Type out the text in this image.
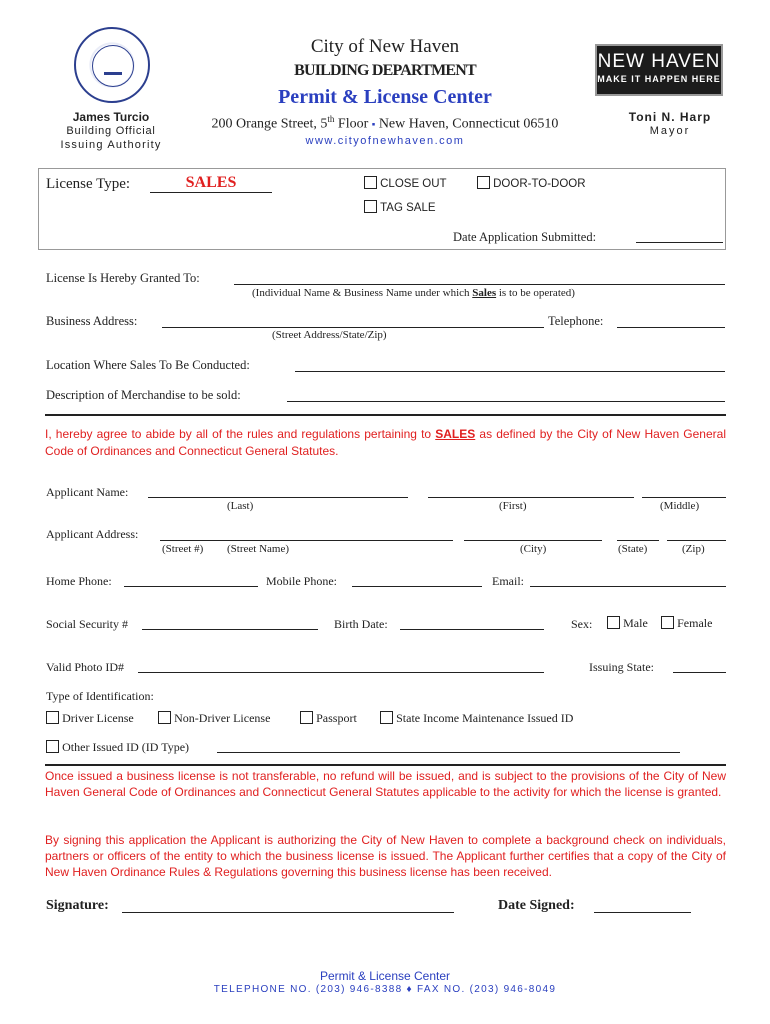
City of New Haven
BUILDING DEPARTMENT
Permit & License Center
200 Orange Street, 5th Floor ▪ New Haven, Connecticut 06510
www.cityofnewhaven.com
James Turcio
Building Official
Issuing Authority
NEW HAVEN
MAKE IT HAPPEN HERE
Toni N. Harp
Mayor
License Type:	SALES	CLOSE OUT	DOOR-TO-DOOR
TAG SALE
Date Application Submitted:
License Is Hereby Granted To:
(Individual Name & Business Name under which Sales is to be operated)
Business Address:	Telephone:
(Street Address/State/Zip)
Location Where Sales To Be Conducted:
Description of Merchandise to be sold:
I, hereby agree to abide by all of the rules and regulations pertaining to SALES as defined by the City of New Haven General Code of Ordinances and Connecticut General Statutes.
Applicant Name:
(Last)	(First)	(Middle)
Applicant Address:
(Street #) (Street Name)	(City)	(State)	(Zip)
Home Phone:	Mobile Phone:	Email:
Social Security #	Birth Date:	Sex:	Male	Female
Valid Photo ID#	Issuing State:
Type of Identification:
Driver License	Non-Driver License	Passport	State Income Maintenance Issued ID
Other Issued ID (ID Type)
Once issued a business license is not transferable, no refund will be issued, and is subject to the provisions of the City of New Haven General Code of Ordinances and Connecticut General Statutes applicable to the activity for which the license is granted.
By signing this application the Applicant is authorizing the City of New Haven to complete a background check on individuals, partners or officers of the entity to which the business license is issued. The Applicant further certifies that a copy of the City of New Haven Ordinance Rules & Regulations governing this business license has been received.
Signature:	Date Signed:
Permit & License Center
TELEPHONE NO. (203) 946-8388 ♦ FAX NO. (203) 946-8049
